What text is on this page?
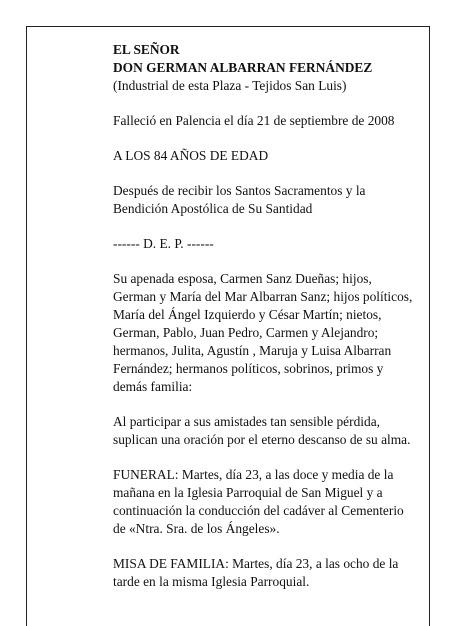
EL SEÑOR
DON GERMAN ALBARRAN FERNÁNDEZ
(Industrial de esta Plaza - Tejidos San Luis)

Falleció en Palencia el día 21 de septiembre de 2008

A LOS 84 AÑOS DE EDAD

Después de recibir los Santos Sacramentos y la
Bendición Apostólica de Su Santidad

------ D. E. P. ------

Su apenada esposa, Carmen Sanz Dueñas; hijos,
German y María del Mar Albarran Sanz; hijos políticos,
María del Ángel Izquierdo y César Martín; nietos,
German, Pablo, Juan Pedro, Carmen y Alejandro;
hermanos, Julita, Agustín , Maruja y Luisa Albarran
Fernández; hermanos políticos, sobrinos, primos y
demás familia:

Al participar a sus amistades tan sensible pérdida,
suplican una oración por el eterno descanso de su alma.

FUNERAL: Martes, día 23, a las doce y media de la
mañana en la Iglesia Parroquial de San Miguel y a
continuación la conducción del cadáver al Cementerio
de «Ntra. Sra. de los Ángeles».

MISA DE FAMILIA: Martes, día 23, a las ocho de la
tarde en la misma Iglesia Parroquial.
